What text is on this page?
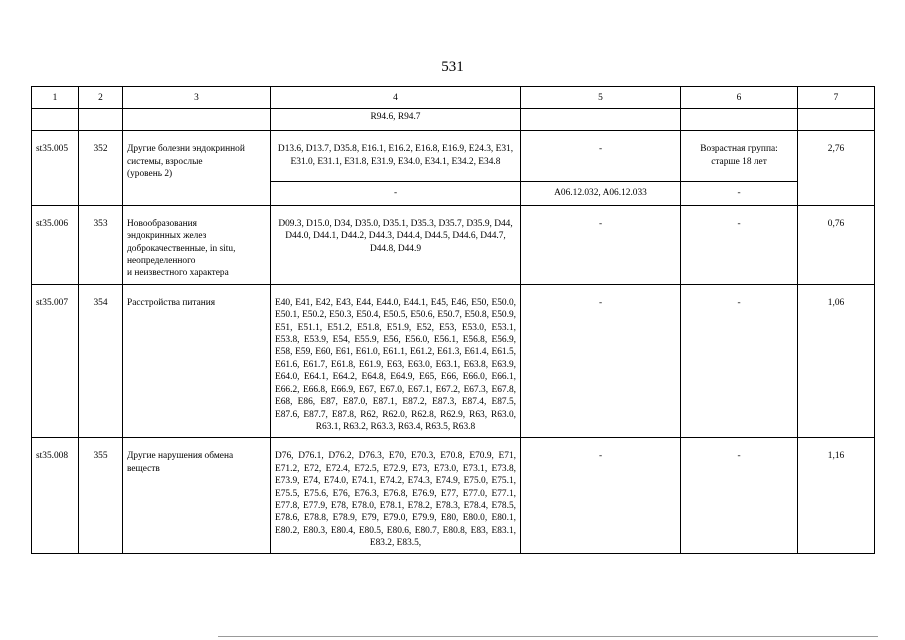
531
1	2	3	4	5	6	7
			R94.6, R94.7			
st35.005	352	Другие болезни эндокринной
системы, взрослые
(уровень 2)	D13.6, D13.7, D35.8, E16.1, E16.2, E16.8, E16.9, E24.3, E31, E31.0, E31.1, E31.8, E31.9, E34.0, E34.1, E34.2, E34.8	-	Возрастная группа:
старше 18 лет	2,76
			-	A06.12.032, A06.12.033	-	
st35.006	353	Новообразования
эндокринных желез
доброкачественные, in situ,
неопределенного
и неизвестного характера	D09.3, D15.0, D34, D35.0, D35.1, D35.3, D35.7, D35.9, D44, D44.0, D44.1, D44.2, D44.3, D44.4, D44.5, D44.6, D44.7, D44.8, D44.9	-	-	0,76
st35.007	354	Расстройства питания	E40, E41, E42, E43, E44, E44.0, E44.1, E45, E46, E50, E50.0, E50.1, E50.2, E50.3, E50.4, E50.5, E50.6, E50.7, E50.8, E50.9, E51, E51.1, E51.2, E51.8, E51.9, E52, E53, E53.0, E53.1, E53.8, E53.9, E54, E55.9, E56, E56.0, E56.1, E56.8, E56.9, E58, E59, E60, E61, E61.0, E61.1, E61.2, E61.3, E61.4, E61.5, E61.6, E61.7, E61.8, E61.9, E63, E63.0, E63.1, E63.8, E63.9, E64.0, E64.1, E64.2, E64.8, E64.9, E65, E66, E66.0, E66.1, E66.2, E66.8, E66.9, E67, E67.0, E67.1, E67.2, E67.3, E67.8, E68, E86, E87, E87.0, E87.1, E87.2, E87.3, E87.4, E87.5, E87.6, E87.7, E87.8, R62, R62.0, R62.8, R62.9, R63, R63.0, R63.1, R63.2, R63.3, R63.4, R63.5, R63.8	-	-	1,06
st35.008	355	Другие нарушения обмена
веществ	D76, D76.1, D76.2, D76.3, E70, E70.3, E70.8, E70.9, E71, E71.2, E72, E72.4, E72.5, E72.9, E73, E73.0, E73.1, E73.8, E73.9, E74, E74.0, E74.1, E74.2, E74.3, E74.9, E75.0, E75.1, E75.5, E75.6, E76, E76.3, E76.8, E76.9, E77, E77.0, E77.1, E77.8, E77.9, E78, E78.0, E78.1, E78.2, E78.3, E78.4, E78.5, E78.6, E78.8, E78.9, E79, E79.0, E79.9, E80, E80.0, E80.1, E80.2, E80.3, E80.4, E80.5, E80.6, E80.7, E80.8, E83, E83.1, E83.2, E83.5,	-	-	1,16
